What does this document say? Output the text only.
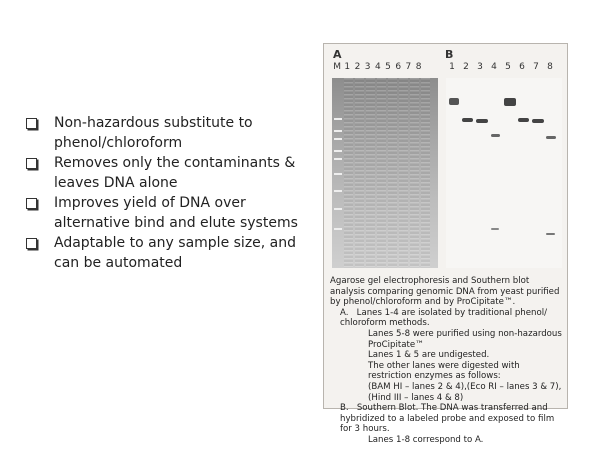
Non-hazardous substitute to phenol/chloroform
Removes only the contaminants & leaves DNA alone
Improves yield of DNA over alternative bind and elute systems
Adaptable to any sample size, and can be automated
A	B
M 1 2 3 4 5 6 7 8	1 2 3 4 5 6 7 8

Agarose gel electrophoresis and Southern blot analysis comparing genomic DNA from yeast purified by phenol/chloroform and by ProCipitate™.

A. Lanes 1-4 are isolated by traditional phenol/ chloroform methods.

Lanes 5-8 were purified using non-hazardous ProCipitate™

Lanes 1 & 5 are undigested.

The other lanes were digested with restriction enzymes as follows:

(BAM HI – lanes 2 & 4),(Eco RI – lanes 3 & 7), (Hind III – lanes 4 & 8)

B. Southern Blot. The DNA was transferred and hybridized to a labeled probe and exposed to film for 3 hours.

Lanes 1-8 correspond to A.
